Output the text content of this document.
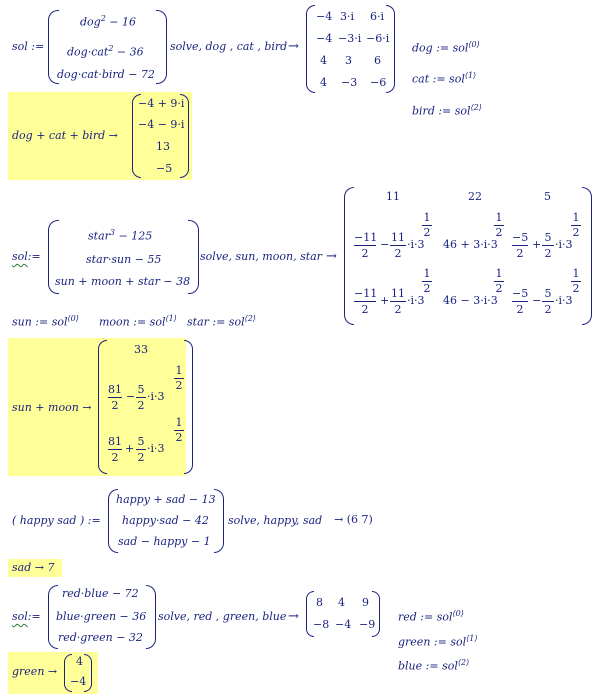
sol :=
dog$^2$ − 16
dog·cat$^2$ − 36
dog·cat·bird − 72
solve, dog , cat , bird →
−4 3·i 6·i
−4 −3·i −6·i
4 3 6
4 −3 −6
dog := sol$^{⟨0⟩}$
cat := sol$^{⟨1⟩}$
bird := sol$^{⟨2⟩}$
dog + cat + bird →
−4 + 9·i
−4 − 9·i
13
−5
sol:=
star$^3$ − 125
star·sun − 55
sun + moon + star − 38
solve, sun, moon, star →
11	22	5
−11
2
−
11
2
·i·3
1
2
46 + 3·i·3
1
2 −5
2
+
5
2
·i·3
1
2
−11
2
+
11
2
·i·3
1
2
46 − 3·i·3
1
2 −5
2
−
5
2
·i·3
1
2
sun := sol$^{⟨0⟩}$ moon := sol$^{⟨1⟩}$ star := sol$^{⟨2⟩}$
sun + moon →
33
81
2
−
5
2
·i·3
1
2
81
2
+
5
2
·i·3
1
2
( happy sad ) :=
happy + sad − 13
happy·sad − 42
sad − happy − 1
solve, happy, sad → (6 7)
sad → 7
sol:=
red·blue − 72
blue·green − 36
red·green − 32
solve, red , green, blue →
8 4 9
−8 −4 −9
red := sol$^{⟨0⟩}$
green := sol$^{⟨1⟩}$
blue := sol$^{⟨2⟩}$
green →
4
−4
